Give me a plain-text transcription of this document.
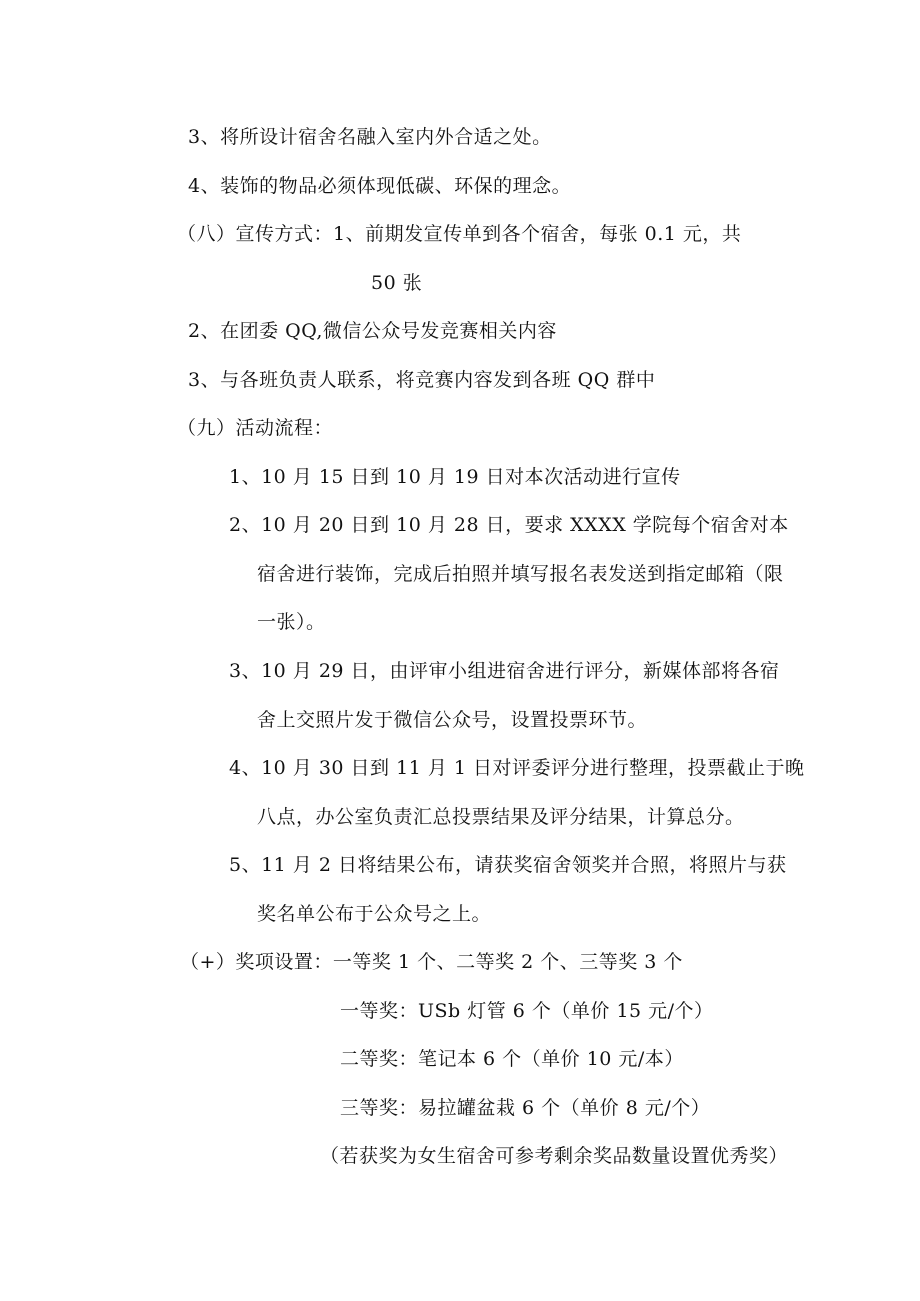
3、将所设计宿舍名融入室内外合适之处。
4、装饰的物品必须体现低碳、环保的理念。
（八）宣传方式：1、前期发宣传单到各个宿舍，每张 0.1 元，共
50 张
2、在团委 QQ,微信公众号发竞赛相关内容
3、与各班负责人联系，将竞赛内容发到各班 QQ 群中
（九）活动流程：
1、10 月 15 日到 10 月 19 日对本次活动进行宣传
2、10 月 20 日到 10 月 28 日，要求 XXXX 学院每个宿舍对本
宿舍进行装饰，完成后拍照并填写报名表发送到指定邮箱（限
一张）。
3、10 月 29 日，由评审小组进宿舍进行评分，新媒体部将各宿
舍上交照片发于微信公众号，设置投票环节。
4、10 月 30 日到 11 月 1 日对评委评分进行整理，投票截止于晚
八点，办公室负责汇总投票结果及评分结果，计算总分。
5、11 月 2 日将结果公布，请获奖宿舍领奖并合照，将照片与获
奖名单公布于公众号之上。
（+）奖项设置：一等奖 1 个、二等奖 2 个、三等奖 3 个
一等奖：USb 灯管 6 个（单价 15 元/个）
二等奖：笔记本 6 个（单价 10 元/本）
三等奖：易拉罐盆栽 6 个（单价 8 元/个）
（若获奖为女生宿舍可参考剩余奖品数量设置优秀奖）
